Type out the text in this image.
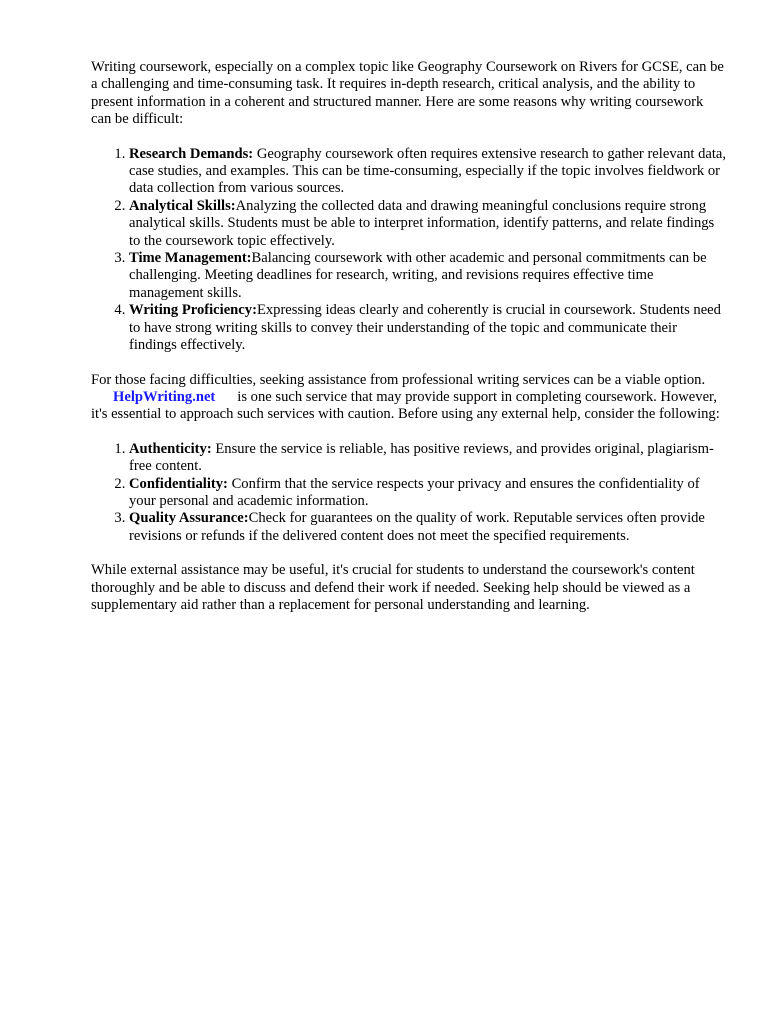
Writing coursework, especially on a complex topic like Geography Coursework on Rivers for GCSE, can be a challenging and time-consuming task. It requires in-depth research, critical analysis, and the ability to present information in a coherent and structured manner. Here are some reasons why writing coursework can be difficult:

1. Research Demands: Geography coursework often requires extensive research to gather relevant data, case studies, and examples. This can be time-consuming, especially if the topic involves fieldwork or data collection from various sources.
2. Analytical Skills:Analyzing the collected data and drawing meaningful conclusions require strong analytical skills. Students must be able to interpret information, identify patterns, and relate findings to the coursework topic effectively.
3. Time Management:Balancing coursework with other academic and personal commitments can be challenging. Meeting deadlines for research, writing, and revisions requires effective time management skills.
4. Writing Proficiency:Expressing ideas clearly and coherently is crucial in coursework. Students need to have strong writing skills to convey their understanding of the topic and communicate their findings effectively.

For those facing difficulties, seeking assistance from professional writing services can be a viable option.HelpWriting.net is one such service that may provide support in completing coursework. However, it's essential to approach such services with caution. Before using any external help, consider the following:

1. Authenticity: Ensure the service is reliable, has positive reviews, and provides original, plagiarism-free content.
2. Confidentiality: Confirm that the service respects your privacy and ensures the confidentiality of your personal and academic information.
3. Quality Assurance:Check for guarantees on the quality of work. Reputable services often provide revisions or refunds if the delivered content does not meet the specified requirements.

While external assistance may be useful, it's crucial for students to understand the coursework's content thoroughly and be able to discuss and defend their work if needed. Seeking help should be viewed as a supplementary aid rather than a replacement for personal understanding and learning.
